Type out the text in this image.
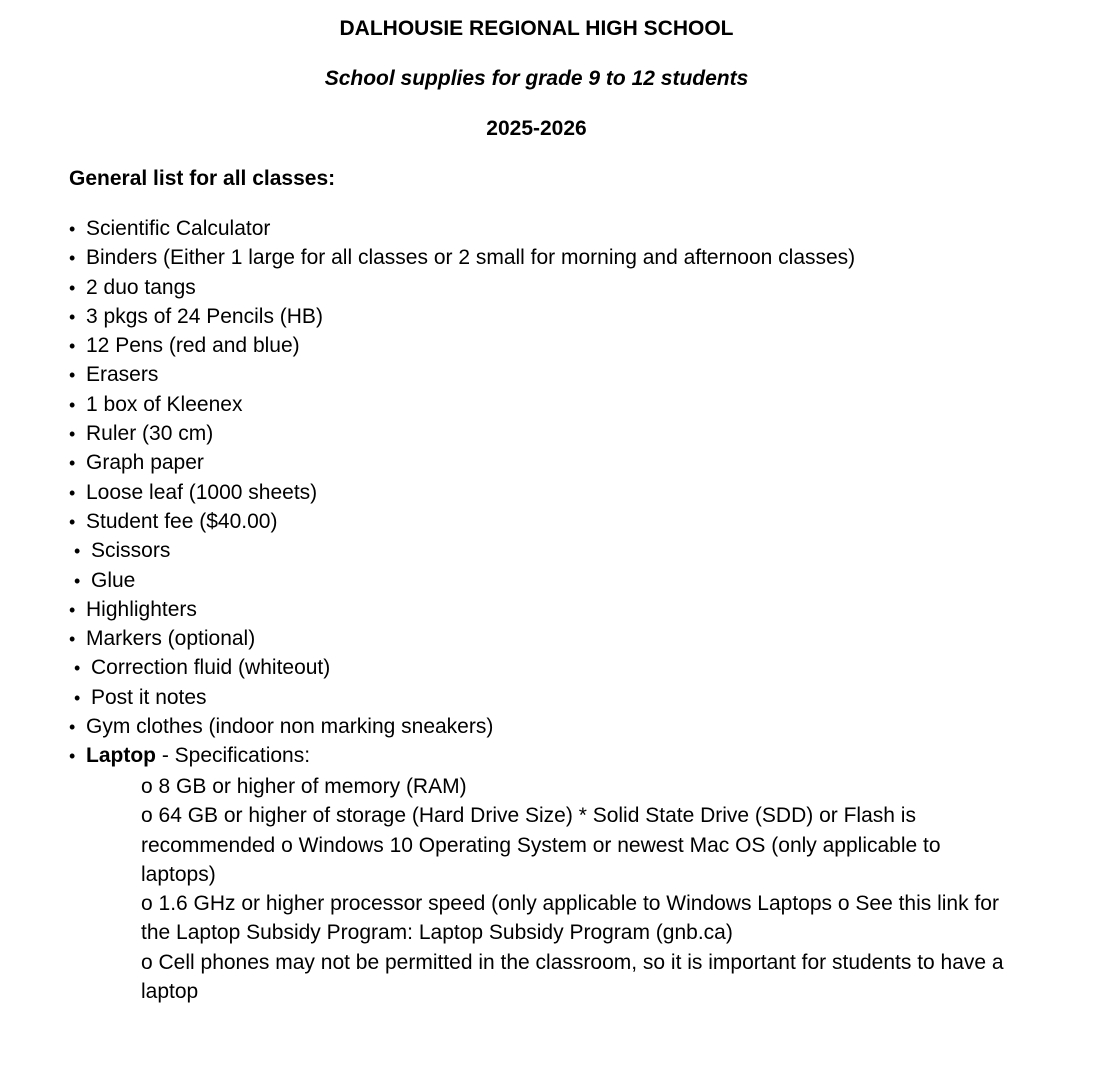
DALHOUSIE REGIONAL HIGH SCHOOL
School supplies for grade 9 to 12 students
2025-2026
General list for all classes:
• Scientific Calculator
• Binders (Either 1 large for all classes or 2 small for morning and afternoon classes)
• 2 duo tangs
• 3 pkgs of 24 Pencils (HB)
• 12 Pens (red and blue)
• Erasers
• 1 box of Kleenex
• Ruler (30 cm)
• Graph paper
• Loose leaf (1000 sheets)
• Student fee ($40.00)
• Scissors
• Glue
• Highlighters
• Markers (optional)
• Correction fluid (whiteout)
• Post it notes
• Gym clothes (indoor non marking sneakers)
• Laptop - Specifications:
o 8 GB or higher of memory (RAM)
o 64 GB or higher of storage (Hard Drive Size) * Solid State Drive (SDD) or Flash is recommended o Windows 10 Operating System or newest Mac OS (only applicable to laptops)
o 1.6 GHz or higher processor speed (only applicable to Windows Laptops o See this link for the Laptop Subsidy Program: Laptop Subsidy Program (gnb.ca)
o Cell phones may not be permitted in the classroom, so it is important for students to have a laptop
